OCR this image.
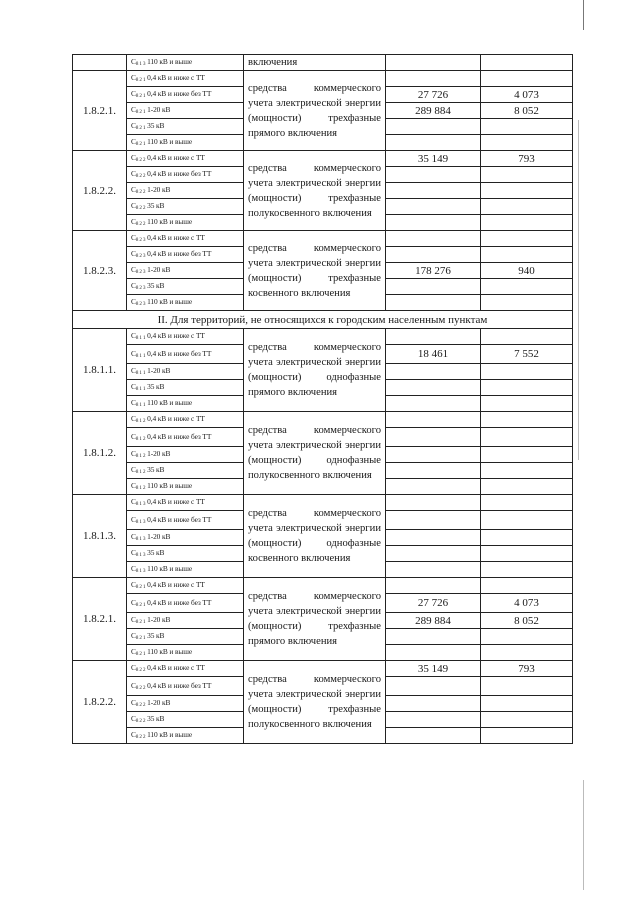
	C8 1 3 110 кВ и выше	включения		
1.8.2.1.	C8 2 1 0,4 кВ и ниже с ТТ	средства коммерческого учета электрической энергии (мощности) трехфазные прямого включения		
	C8 2 1 0,4 кВ и ниже без ТТ		27 726	4 073
	C8 2 1 1-20 кВ		289 884	8 052
	C8 2 1 35 кВ			
	C8 2 1 110 кВ и выше			
1.8.2.2.	C8 2 2 0,4 кВ и ниже с ТТ	средства коммерческого учета электрической энергии (мощности) трехфазные полукосвенного включения	35 149	793
	C8 2 2 0,4 кВ и ниже без ТТ			
	C8 2 2 1-20 кВ			
	C8 2 2 35 кВ			
	C8 2 2 110 кВ и выше			
1.8.2.3.	C8 2 3 0,4 кВ и ниже с ТТ	средства коммерческого учета электрической энергии (мощности) трехфазные косвенного включения		
	C8 2 3 0,4 кВ и ниже без ТТ			
	C8 2 3 1-20 кВ		178 276	940
	C8 2 3 35 кВ			
	C8 2 3 110 кВ и выше			
II. Для территорий, не относящихся к городским населенным пунктам				
1.8.1.1.	C8 1 1 0,4 кВ и ниже с ТТ	средства коммерческого учета электрической энергии (мощности) однофазные прямого включения		
	C8 1 1 0,4 кВ и ниже без ТТ		18 461	7 552
	C8 1 1 1-20 кВ			
	C8 1 1 35 кВ			
	C8 1 1 110 кВ и выше			
1.8.1.2.	C8 1 2 0,4 кВ и ниже с ТТ	средства коммерческого учета электрической энергии (мощности) однофазные полукосвенного включения		
	C8 1 2 0,4 кВ и ниже без ТТ			
	C8 1 2 1-20 кВ			
	C8 1 2 35 кВ			
	C8 1 2 110 кВ и выше			
1.8.1.3.	C8 1 3 0,4 кВ и ниже с ТТ	средства коммерческого учета электрической энергии (мощности) однофазные косвенного включения		
	C8 1 3 0,4 кВ и ниже без ТТ			
	C8 1 3 1-20 кВ			
	C8 1 3 35 кВ			
	C8 1 3 110 кВ и выше			
1.8.2.1.	C8 2 1 0,4 кВ и ниже с ТТ	средства коммерческого учета электрической энергии (мощности) трехфазные прямого включения		
	C8 2 1 0,4 кВ и ниже без ТТ		27 726	4 073
	C8 2 1 1-20 кВ		289 884	8 052
	C8 2 1 35 кВ			
	C8 2 1 110 кВ и выше			
1.8.2.2.	C8 2 2 0,4 кВ и ниже с ТТ	средства коммерческого учета электрической энергии (мощности) трехфазные полукосвенного включения	35 149	793
	C8 2 2 0,4 кВ и ниже без ТТ			
	C8 2 2 1-20 кВ			
	C8 2 2 35 кВ			
	C8 2 2 110 кВ и выше			
